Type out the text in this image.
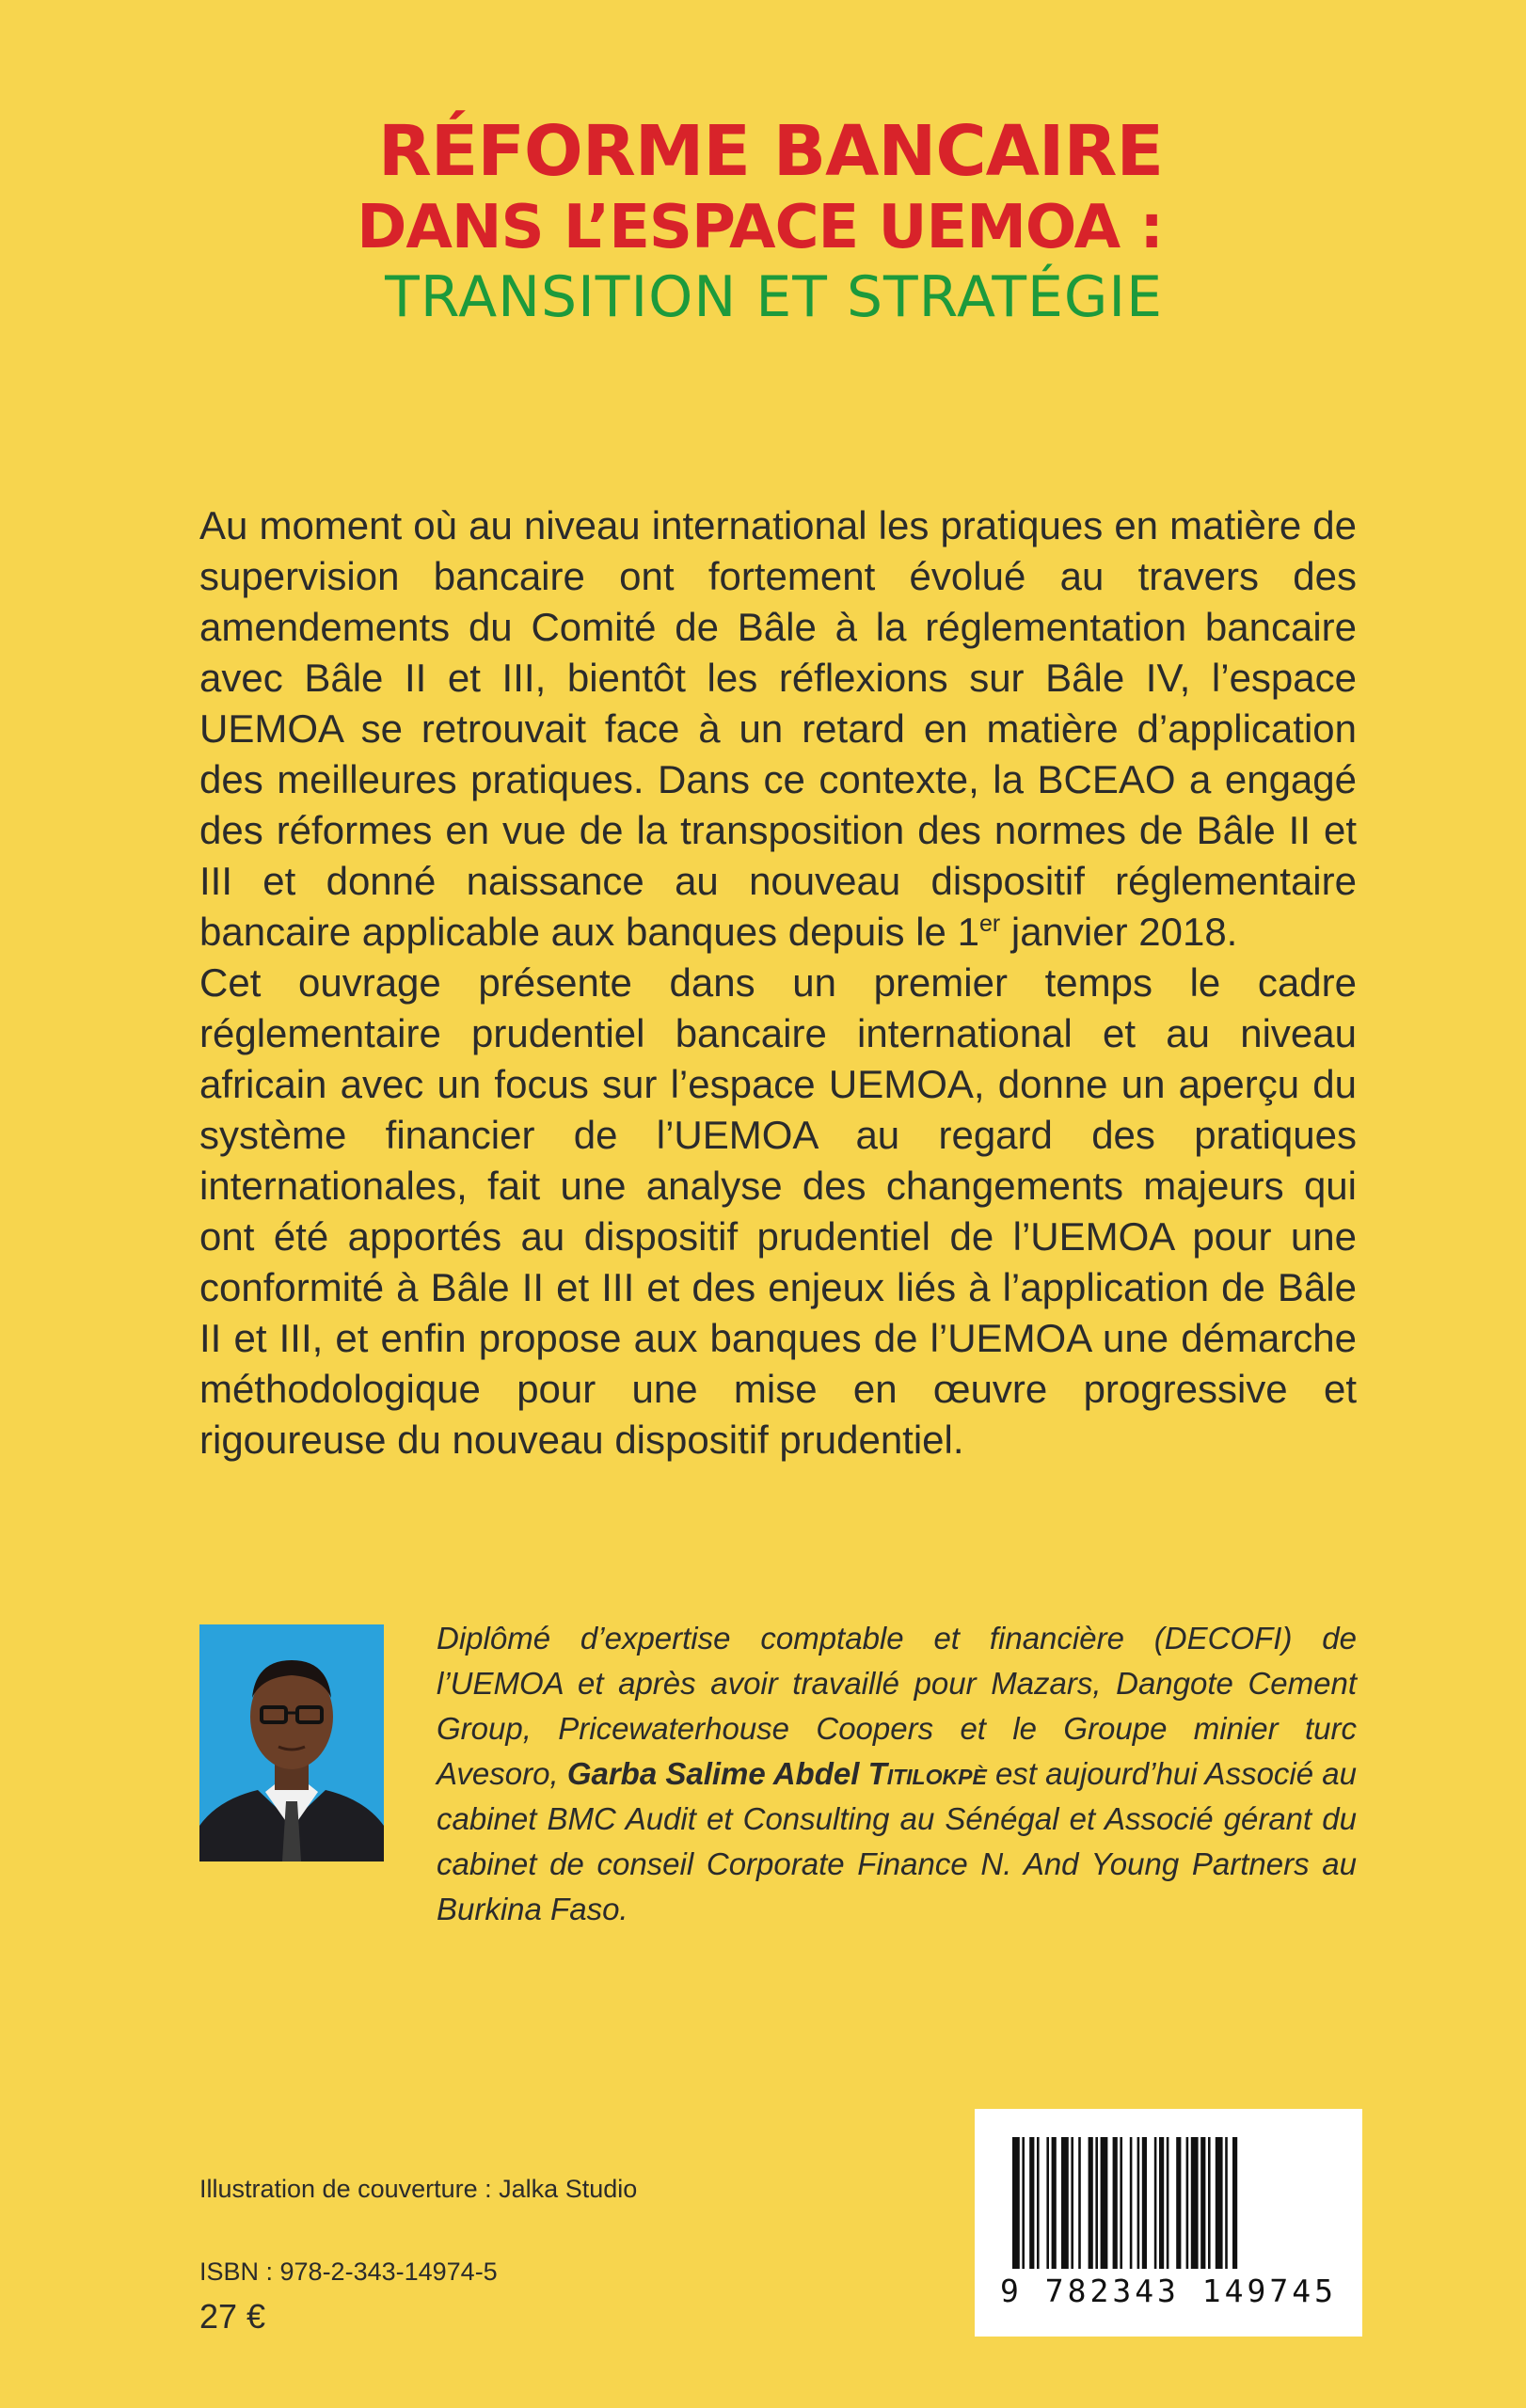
RÉFORME BANCAIRE
DANS L’ESPACE UEMOA :
TRANSITION ET STRATÉGIE

Au moment où au niveau international les pratiques en matière de supervision bancaire ont fortement évolué au travers des amendements du Comité de Bâle à la réglementation bancaire avec Bâle II et III, bientôt les réflexions sur Bâle IV, l’espace UEMOA se retrouvait face à un retard en matière d’application des meilleures pratiques. Dans ce contexte, la BCEAO a engagé des réformes en vue de la transposition des normes de Bâle II et III et donné naissance au nouveau dispositif réglementaire bancaire applicable aux banques depuis le 1er janvier 2018.

Cet ouvrage présente dans un premier temps le cadre réglementaire prudentiel bancaire international et au niveau africain avec un focus sur l’espace UEMOA, donne un aperçu du système financier de l’UEMOA au regard des pratiques internationales, fait une analyse des changements majeurs qui ont été apportés au dispositif prudentiel de l’UEMOA pour une conformité à Bâle II et III et des enjeux liés à l’application de Bâle II et III, et enfin propose aux banques de l’UEMOA une démarche méthodologique pour une mise en œuvre progressive et rigoureuse du nouveau dispositif prudentiel.

Diplômé d’expertise comptable et financière (DECOFI) de l’UEMOA et après avoir travaillé pour Mazars, Dangote Cement Group, Pricewaterhouse Coopers et le Groupe minier turc Avesoro, Garba Salime Abdel Titilokpè est aujourd’hui Associé au cabinet BMC Audit et Consulting au Sénégal et Associé gérant du cabinet de conseil Corporate Finance N. And Young Partners au Burkina Faso.

Illustration de couverture : Jalka Studio
ISBN : 978-2-343-14974-5
27 €
9 782343 149745
